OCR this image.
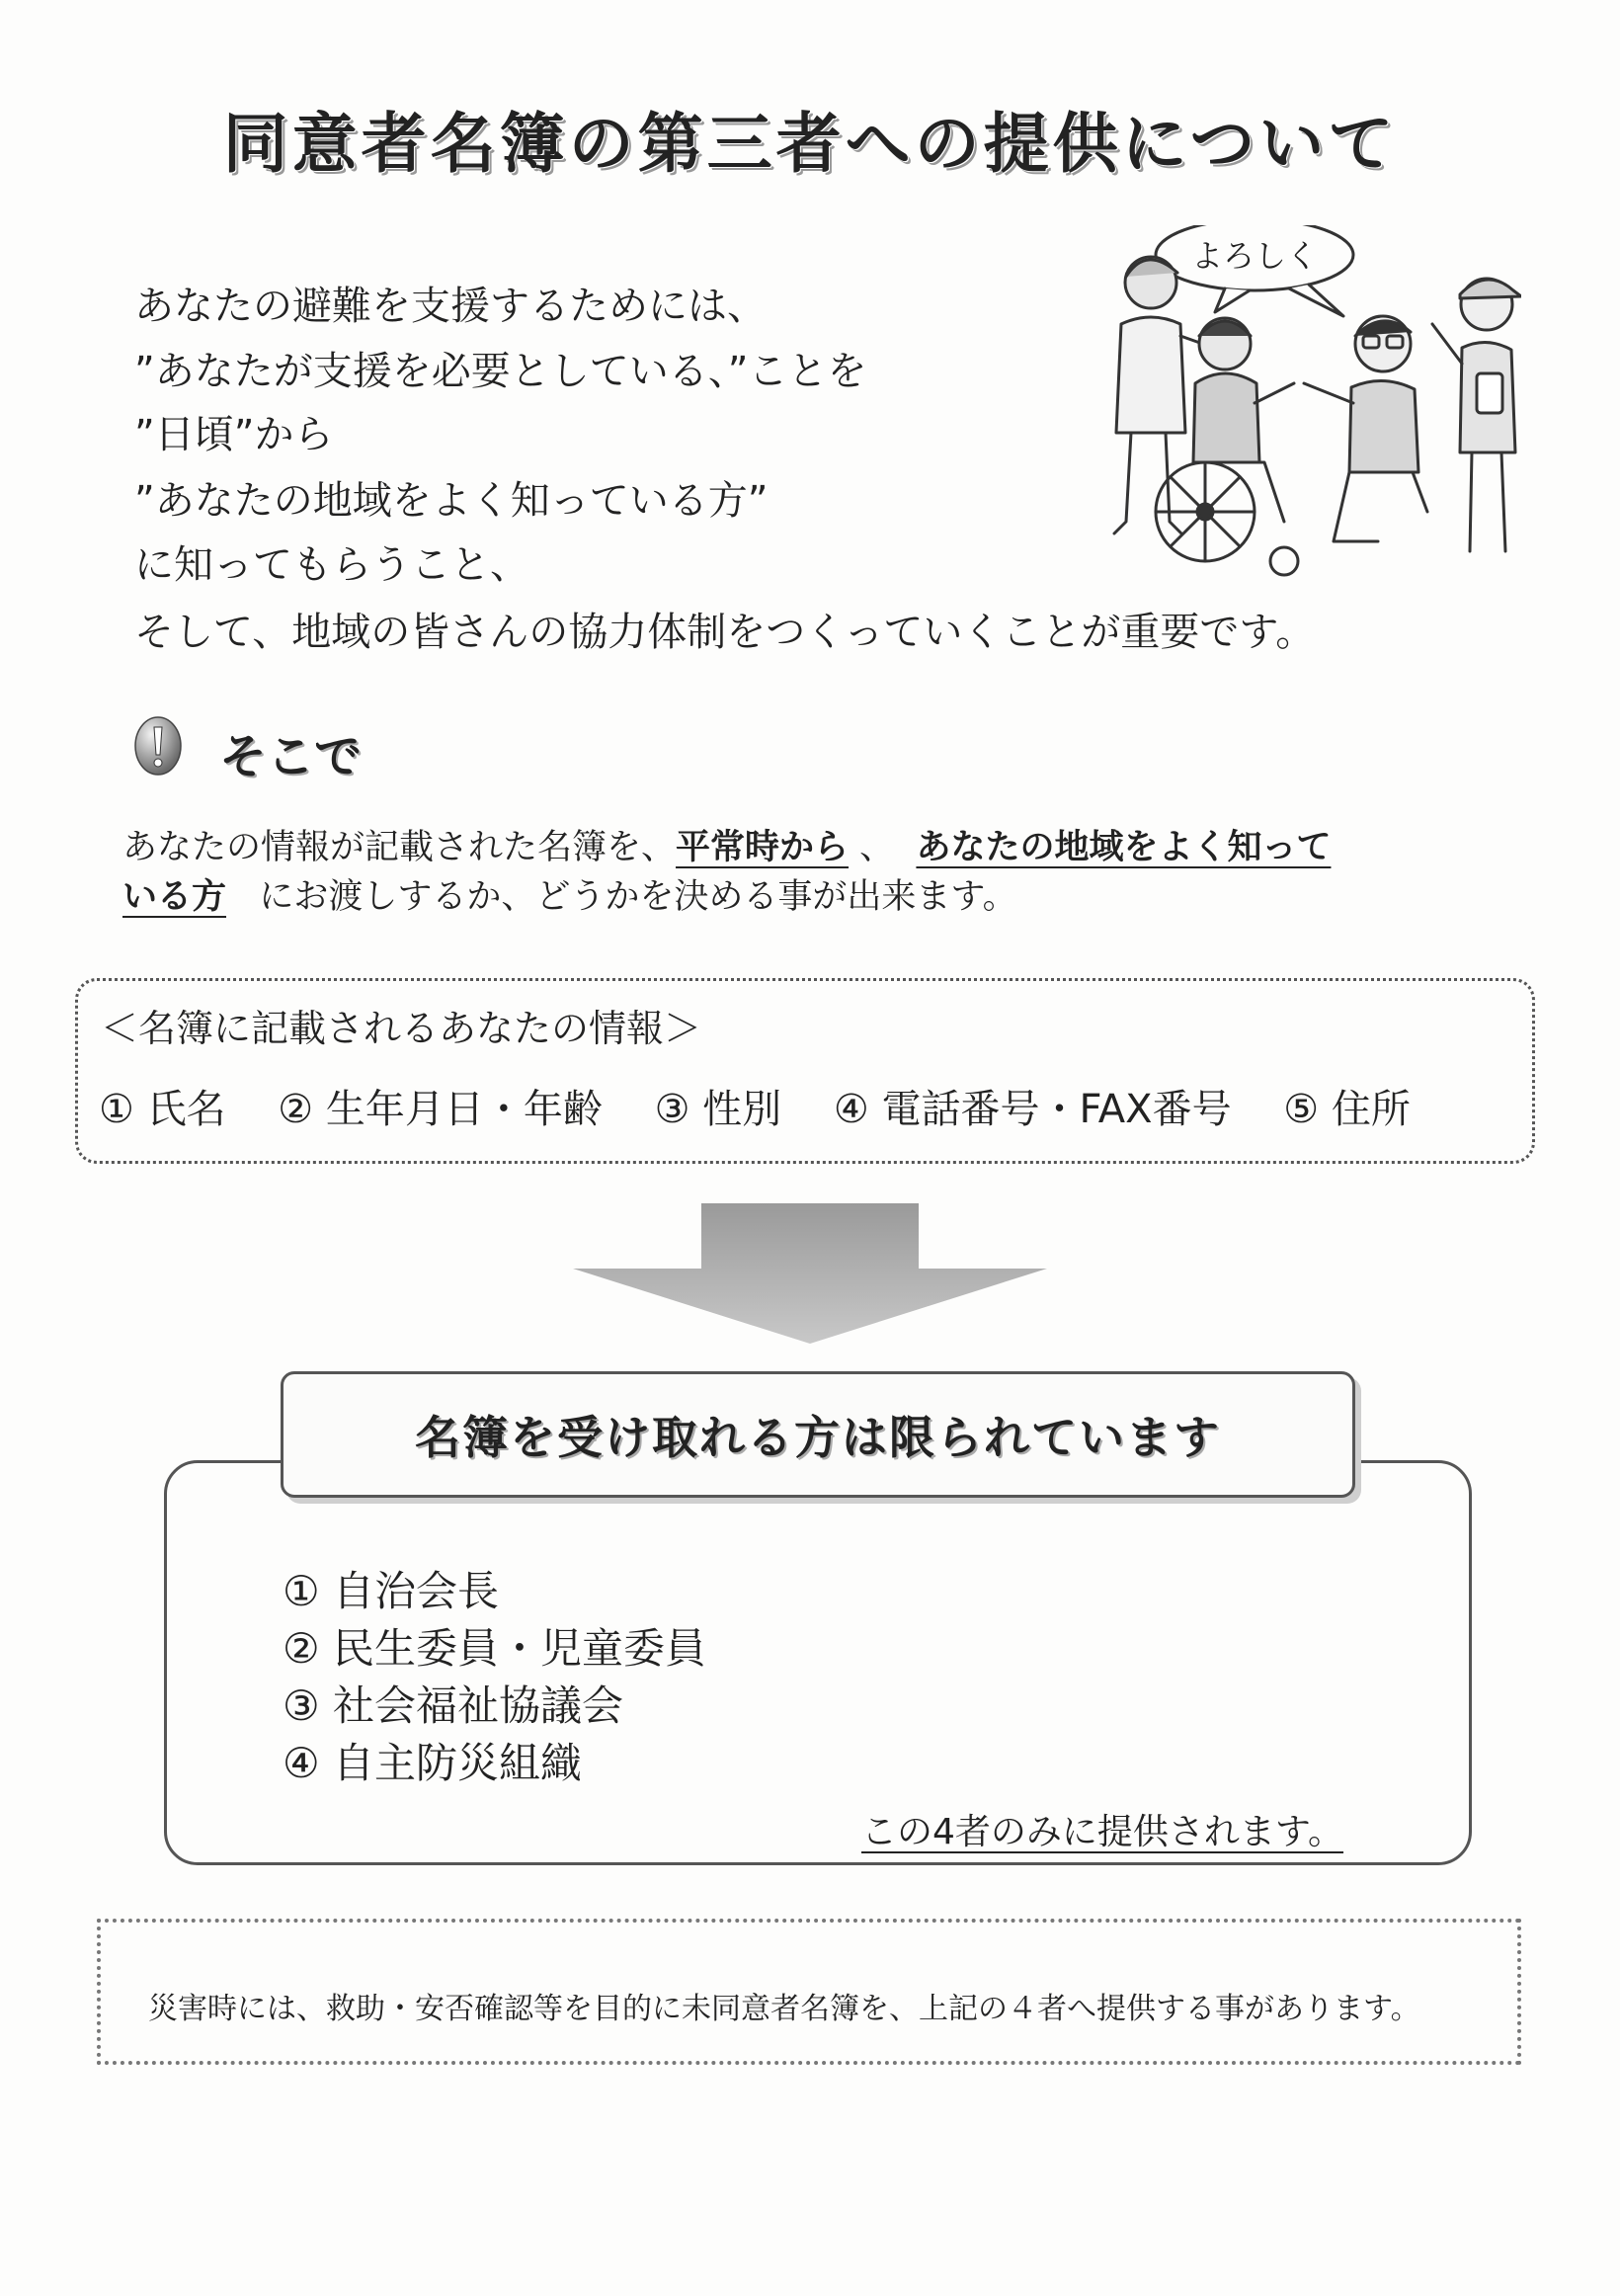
同意者名簿の第三者への提供について
あなたの避難を支援するためには、
”あなたが支援を必要としている、”ことを
”日頃”から
”あなたの地域をよく知っている方”
に知ってもらうこと、
そして、地域の皆さんの協力体制をつくっていくことが重要です。
よろしく
そこで
あなたの情報が記載された名簿を、平常時から 、 あなたの地域をよく知って
いる方 にお渡しするか、どうかを決める事が出来ます。
＜名簿に記載されるあなたの情報＞
① 氏名 ② 生年月日・年齢 ③ 性別 ④ 電話番号・FAX番号 ⑤ 住所
名簿を受け取れる方は限られています
① 自治会長
② 民生委員・児童委員
③ 社会福祉協議会
④ 自主防災組織
この4者のみに提供されます。
災害時には、救助・安否確認等を目的に未同意者名簿を、上記の４者へ提供する事があります。
